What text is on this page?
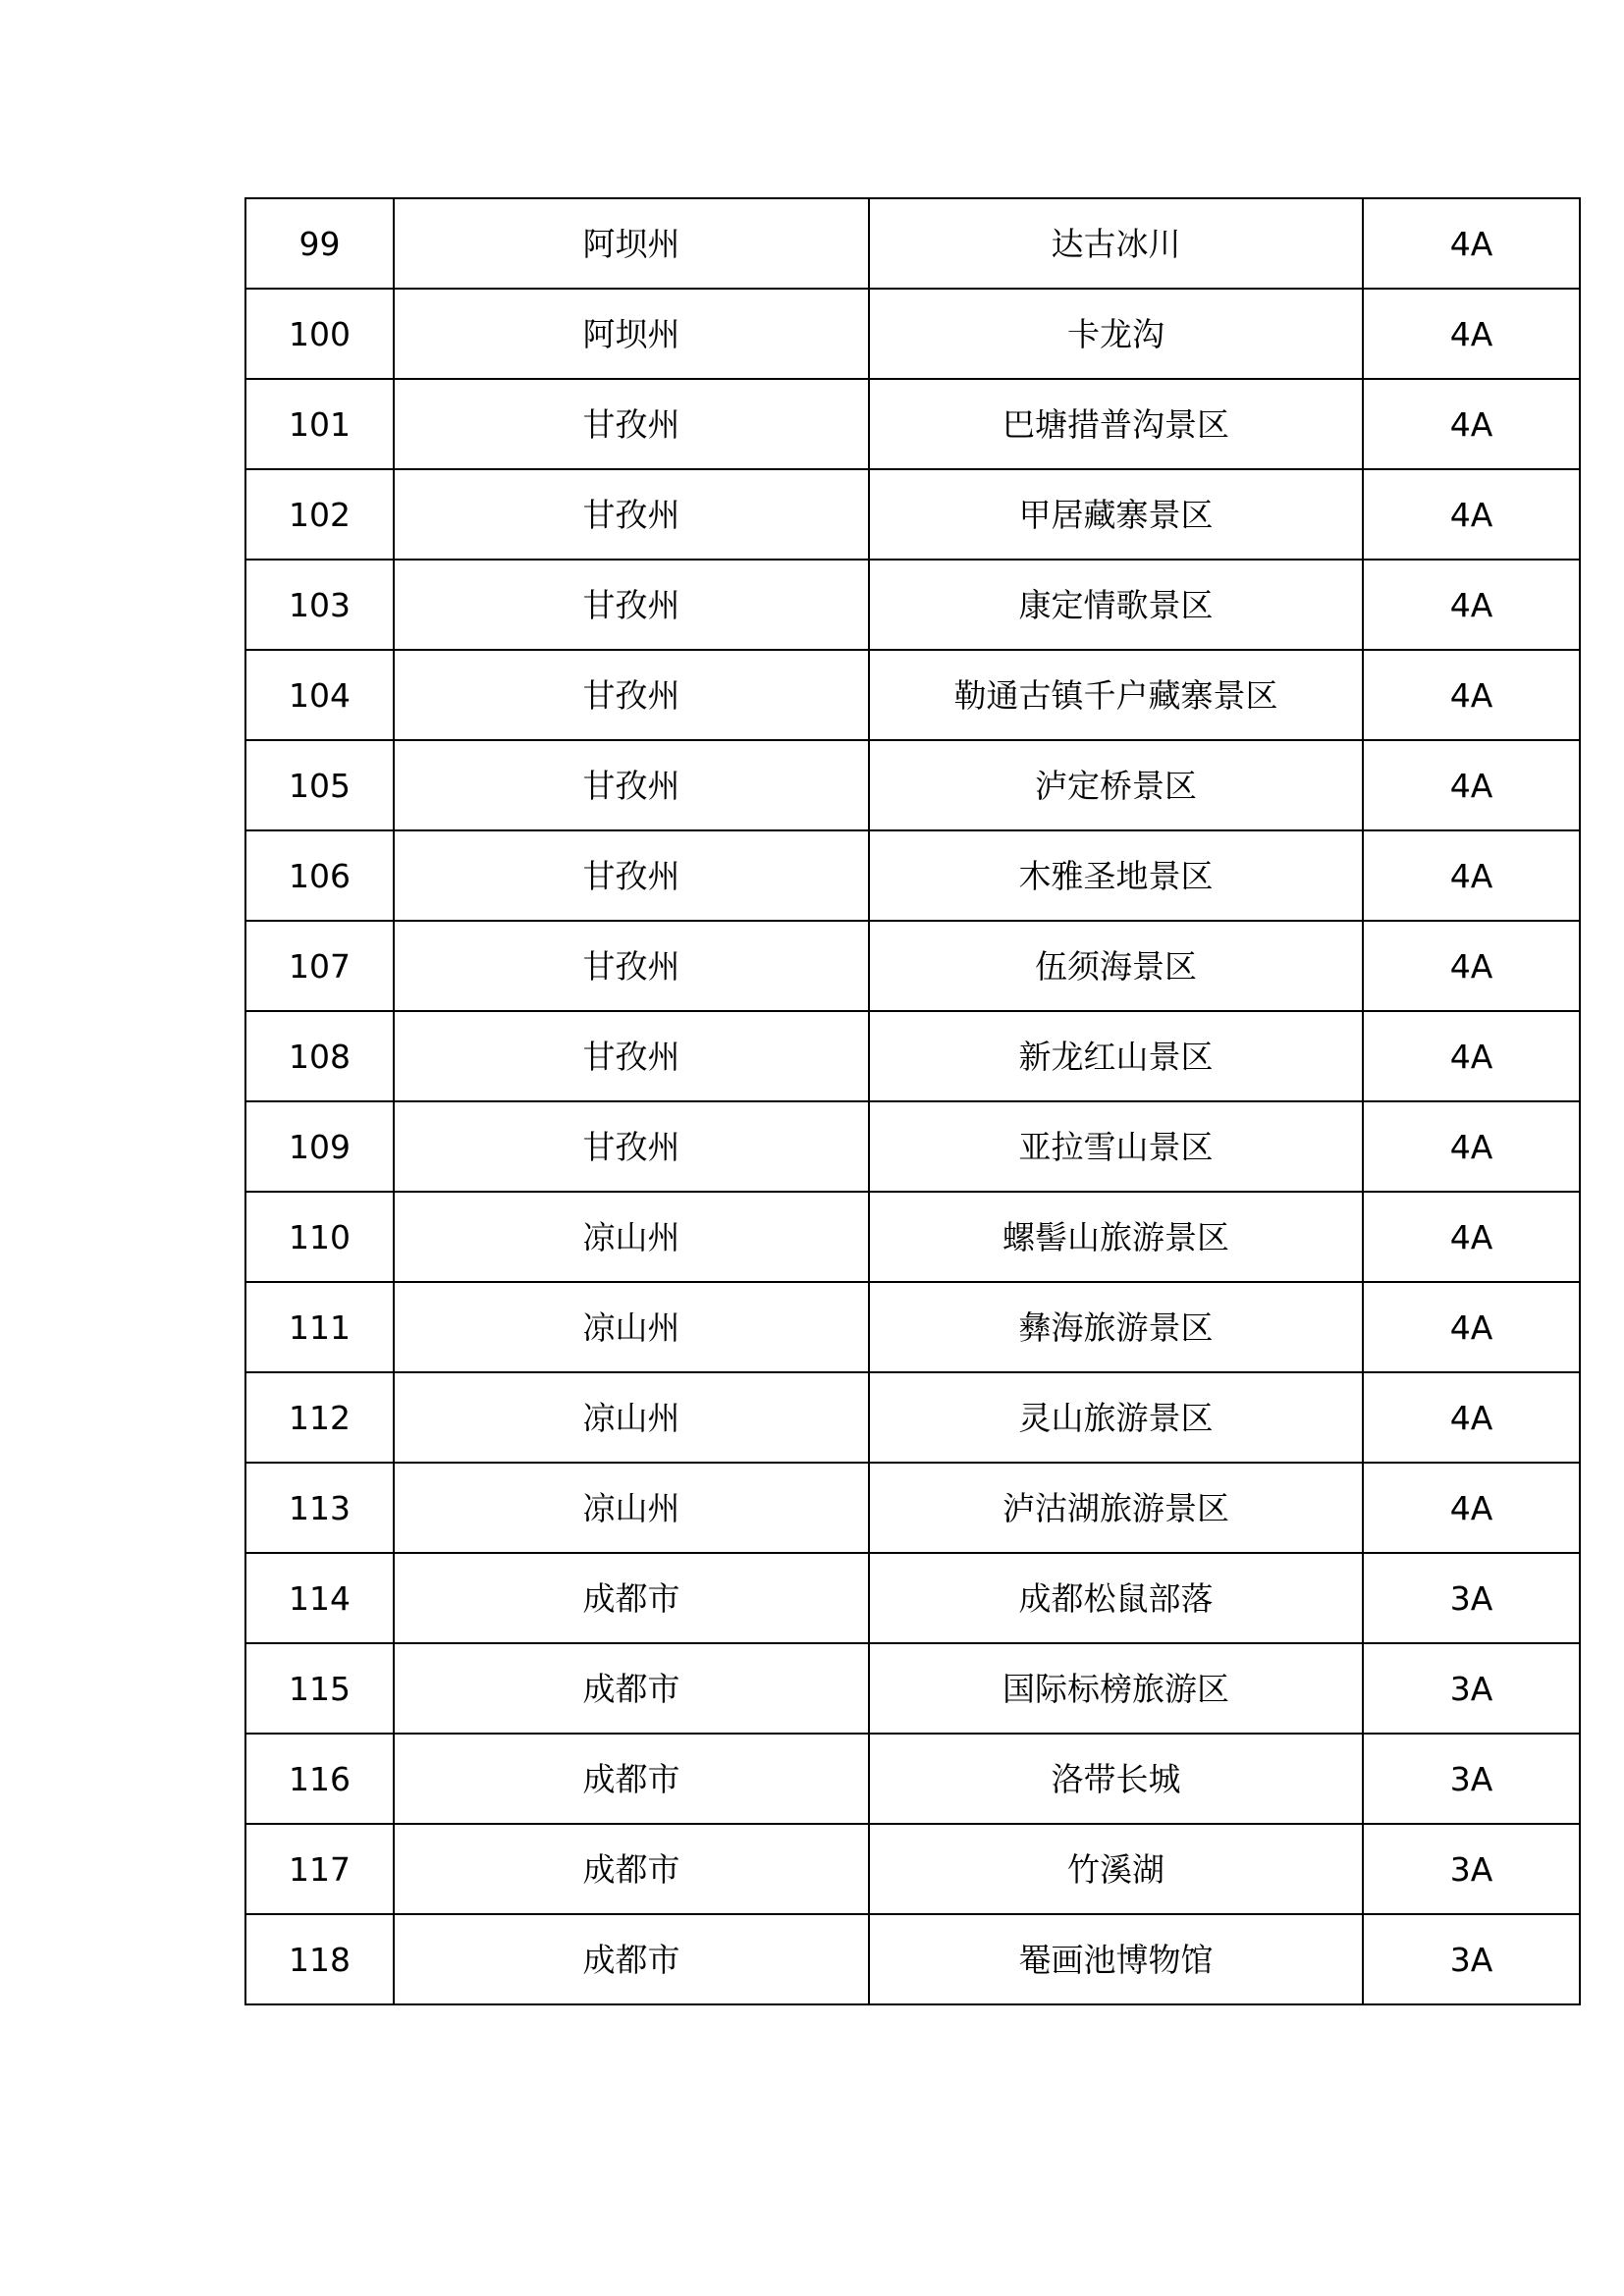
99	阿坝州	达古冰川	4A
100	阿坝州	卡龙沟	4A
101	甘孜州	巴塘措普沟景区	4A
102	甘孜州	甲居藏寨景区	4A
103	甘孜州	康定情歌景区	4A
104	甘孜州	勒通古镇千户藏寨景区	4A
105	甘孜州	泸定桥景区	4A
106	甘孜州	木雅圣地景区	4A
107	甘孜州	伍须海景区	4A
108	甘孜州	新龙红山景区	4A
109	甘孜州	亚拉雪山景区	4A
110	凉山州	螺髻山旅游景区	4A
111	凉山州	彝海旅游景区	4A
112	凉山州	灵山旅游景区	4A
113	凉山州	泸沽湖旅游景区	4A
114	成都市	成都松鼠部落	3A
115	成都市	国际标榜旅游区	3A
116	成都市	洛带长城	3A
117	成都市	竹溪湖	3A
118	成都市	罨画池博物馆	3A
